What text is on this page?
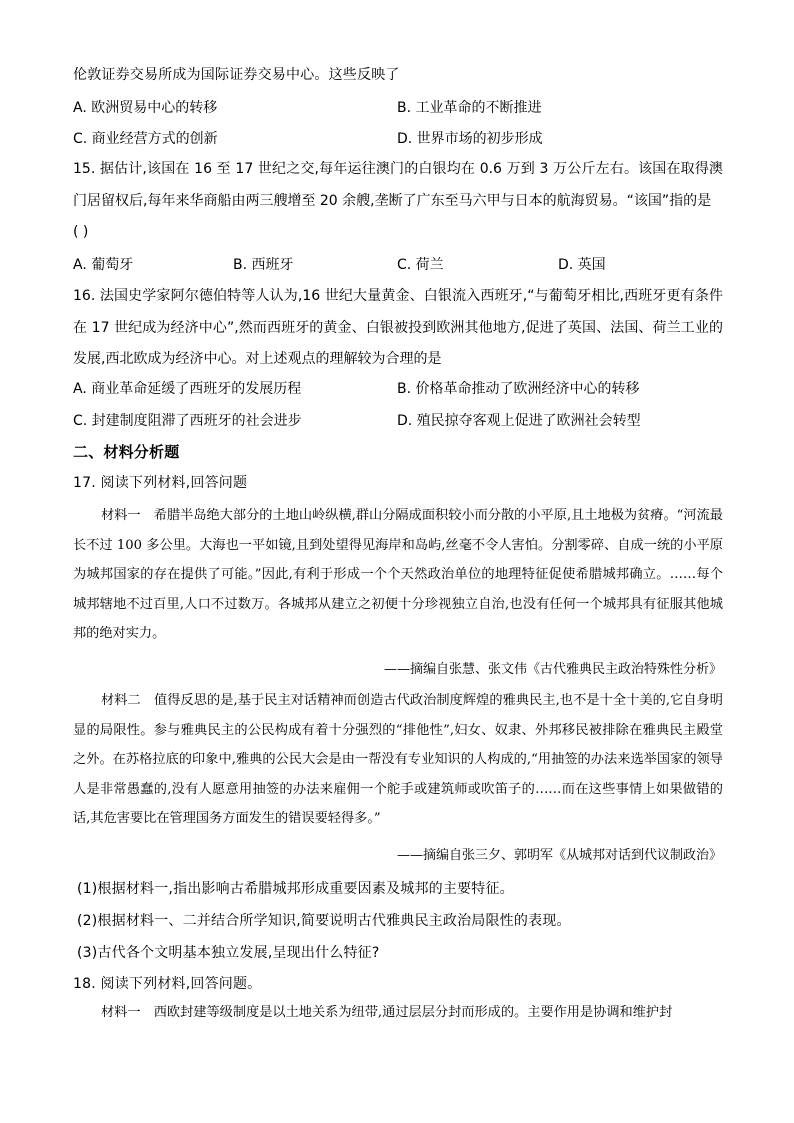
伦敦证券交易所成为国际证券交易中心。这些反映了
A. 欧洲贸易中心的转移	B. 工业革命的不断推进
C. 商业经营方式的创新	D. 世界市场的初步形成
15. 据估计,该国在 16 至 17 世纪之交,每年运往澳门的白银均在 0.6 万到 3 万公斤左右。该国在取得澳门居留权后,每年来华商船由两三艘增至 20 余艘,垄断了广东至马六甲与日本的航海贸易。“该国”指的是
( )
A. 葡萄牙	B. 西班牙	C. 荷兰	D. 英国
16. 法国史学家阿尔德伯特等人认为,16 世纪大量黄金、白银流入西班牙,“与葡萄牙相比,西班牙更有条件在 17 世纪成为经济中心”,然而西班牙的黄金、白银被投到欧洲其他地方,促进了英国、法国、荷兰工业的发展,西北欧成为经济中心。对上述观点的理解较为合理的是
A. 商业革命延缓了西班牙的发展历程	B. 价格革命推动了欧洲经济中心的转移
C. 封建制度阻滞了西班牙的社会进步	D. 殖民掠夺客观上促进了欧洲社会转型
二、材料分析题
17. 阅读下列材料,回答问题
材料一　希腊半岛绝大部分的土地山岭纵横,群山分隔成面积较小而分散的小平原,且土地极为贫瘠。“河流最长不过 100 多公里。大海也一平如镜,且到处望得见海岸和岛屿,丝毫不令人害怕。分割零碎、自成一统的小平原为城邦国家的存在提供了可能。”因此,有利于形成一个个天然政治单位的地理特征促使希腊城邦确立。……每个城邦辖地不过百里,人口不过数万。各城邦从建立之初便十分珍视独立自治,也没有任何一个城邦具有征服其他城邦的绝对实力。
——摘编自张慧、张文伟《古代雅典民主政治特殊性分析》
材料二　值得反思的是,基于民主对话精神而创造古代政治制度辉煌的雅典民主,也不是十全十美的,它自身明显的局限性。参与雅典民主的公民构成有着十分强烈的“排他性”,妇女、奴隶、外邦移民被排除在雅典民主殿堂之外。在苏格拉底的印象中,雅典的公民大会是由一帮没有专业知识的人构成的,“用抽签的办法来选举国家的领导人是非常愚蠢的,没有人愿意用抽签的办法来雇佣一个舵手或建筑师或吹笛子的……而在这些事情上如果做错的话,其危害要比在管理国务方面发生的错误要轻得多。”
——摘编自张三夕、郭明军《从城邦对话到代议制政治》
(1)根据材料一,指出影响古希腊城邦形成重要因素及城邦的主要特征。
(2)根据材料一、二并结合所学知识,简要说明古代雅典民主政治局限性的表现。
(3)古代各个文明基本独立发展,呈现出什么特征?
18. 阅读下列材料,回答问题。
材料一　西欧封建等级制度是以土地关系为纽带,通过层层分封而形成的。主要作用是协调和维护封
